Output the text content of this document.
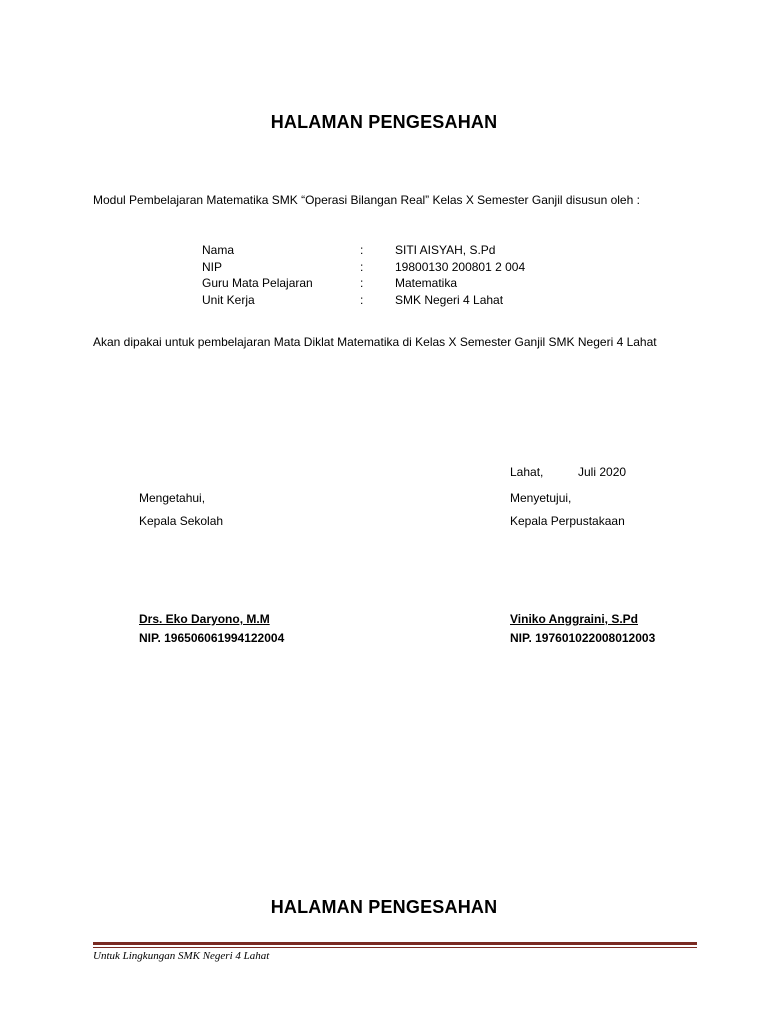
HALAMAN PENGESAHAN
Modul Pembelajaran Matematika SMK “Operasi Bilangan Real” Kelas X Semester Ganjil disusun oleh :
Nama	:	SITI AISYAH, S.Pd
NIP	:	19800130 200801 2 004
Guru Mata Pelajaran	:	Matematika
Unit Kerja	:	SMK Negeri 4 Lahat
Akan dipakai untuk pembelajaran Mata Diklat Matematika di Kelas X Semester Ganjil SMK Negeri 4 Lahat
Lahat,	Juli 2020
Mengetahui,
Kepala Sekolah
Drs. Eko Daryono, M.M
NIP. 196506061994122004
Menyetujui,
Kepala Perpustakaan
Viniko Anggraini, S.Pd
NIP. 197601022008012003
HALAMAN PENGESAHAN
Untuk Lingkungan SMK Negeri 4 Lahat
